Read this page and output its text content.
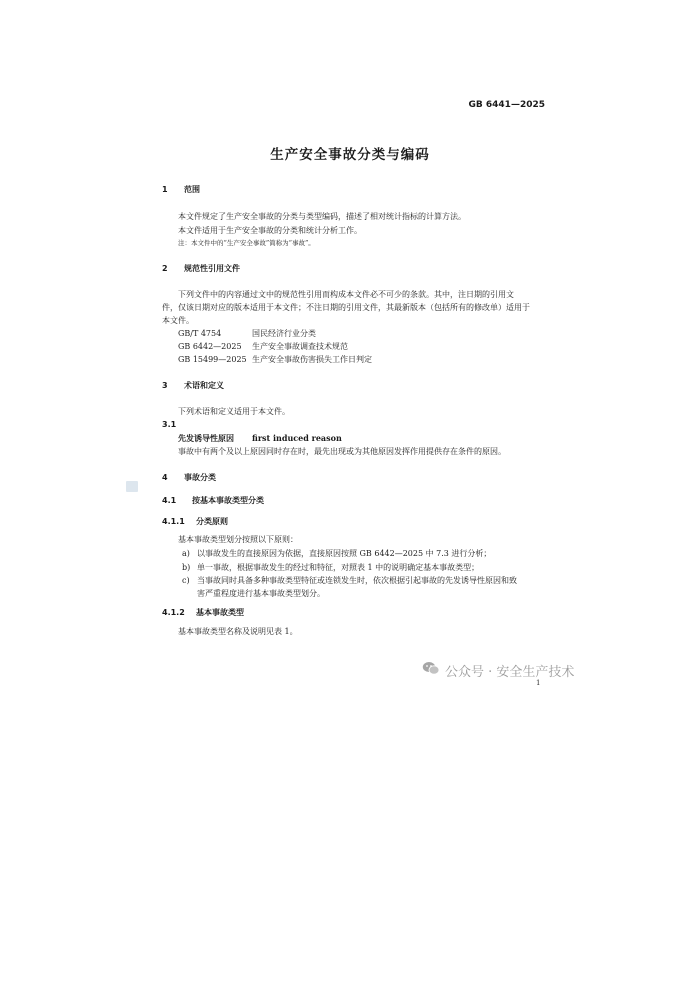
GB 6441—2025
生产安全事故分类与编码
1 范围
本文件规定了生产安全事故的分类与类型编码，描述了相对统计指标的计算方法。
本文件适用于生产安全事故的分类和统计分析工作。
注：本文件中的“生产安全事故”简称为“事故”。
2 规范性引用文件
下列文件中的内容通过文中的规范性引用而构成本文件必不可少的条款。其中，注日期的引用文
件，仅该日期对应的版本适用于本文件；不注日期的引用文件，其最新版本（包括所有的修改单）适用于
本文件。
GB/T 4754	国民经济行业分类
GB 6442—2025 生产安全事故调查技术规范
GB 15499—2025 生产安全事故伤害损失工作日判定
3 术语和定义
下列术语和定义适用于本文件。
3.1
先发诱导性原因 first induced reason
事故中有两个及以上原因同时存在时，最先出现或为其他原因发挥作用提供存在条件的原因。
4 事故分类
4.1 按基本事故类型分类
4.1.1 分类原则
基本事故类型划分按照以下原则：
a) 以事故发生的直接原因为依据，直接原因按照 GB 6442—2025 中 7.3 进行分析；
b) 单一事故，根据事故发生的经过和特征，对照表 1 中的说明确定基本事故类型；
c) 当事故同时具备多种事故类型特征或连锁发生时，依次根据引起事故的先发诱导性原因和致
害严重程度进行基本事故类型划分。
4.1.2 基本事故类型
基本事故类型名称及说明见表 1。
公众号 · 安全生产技术
1
